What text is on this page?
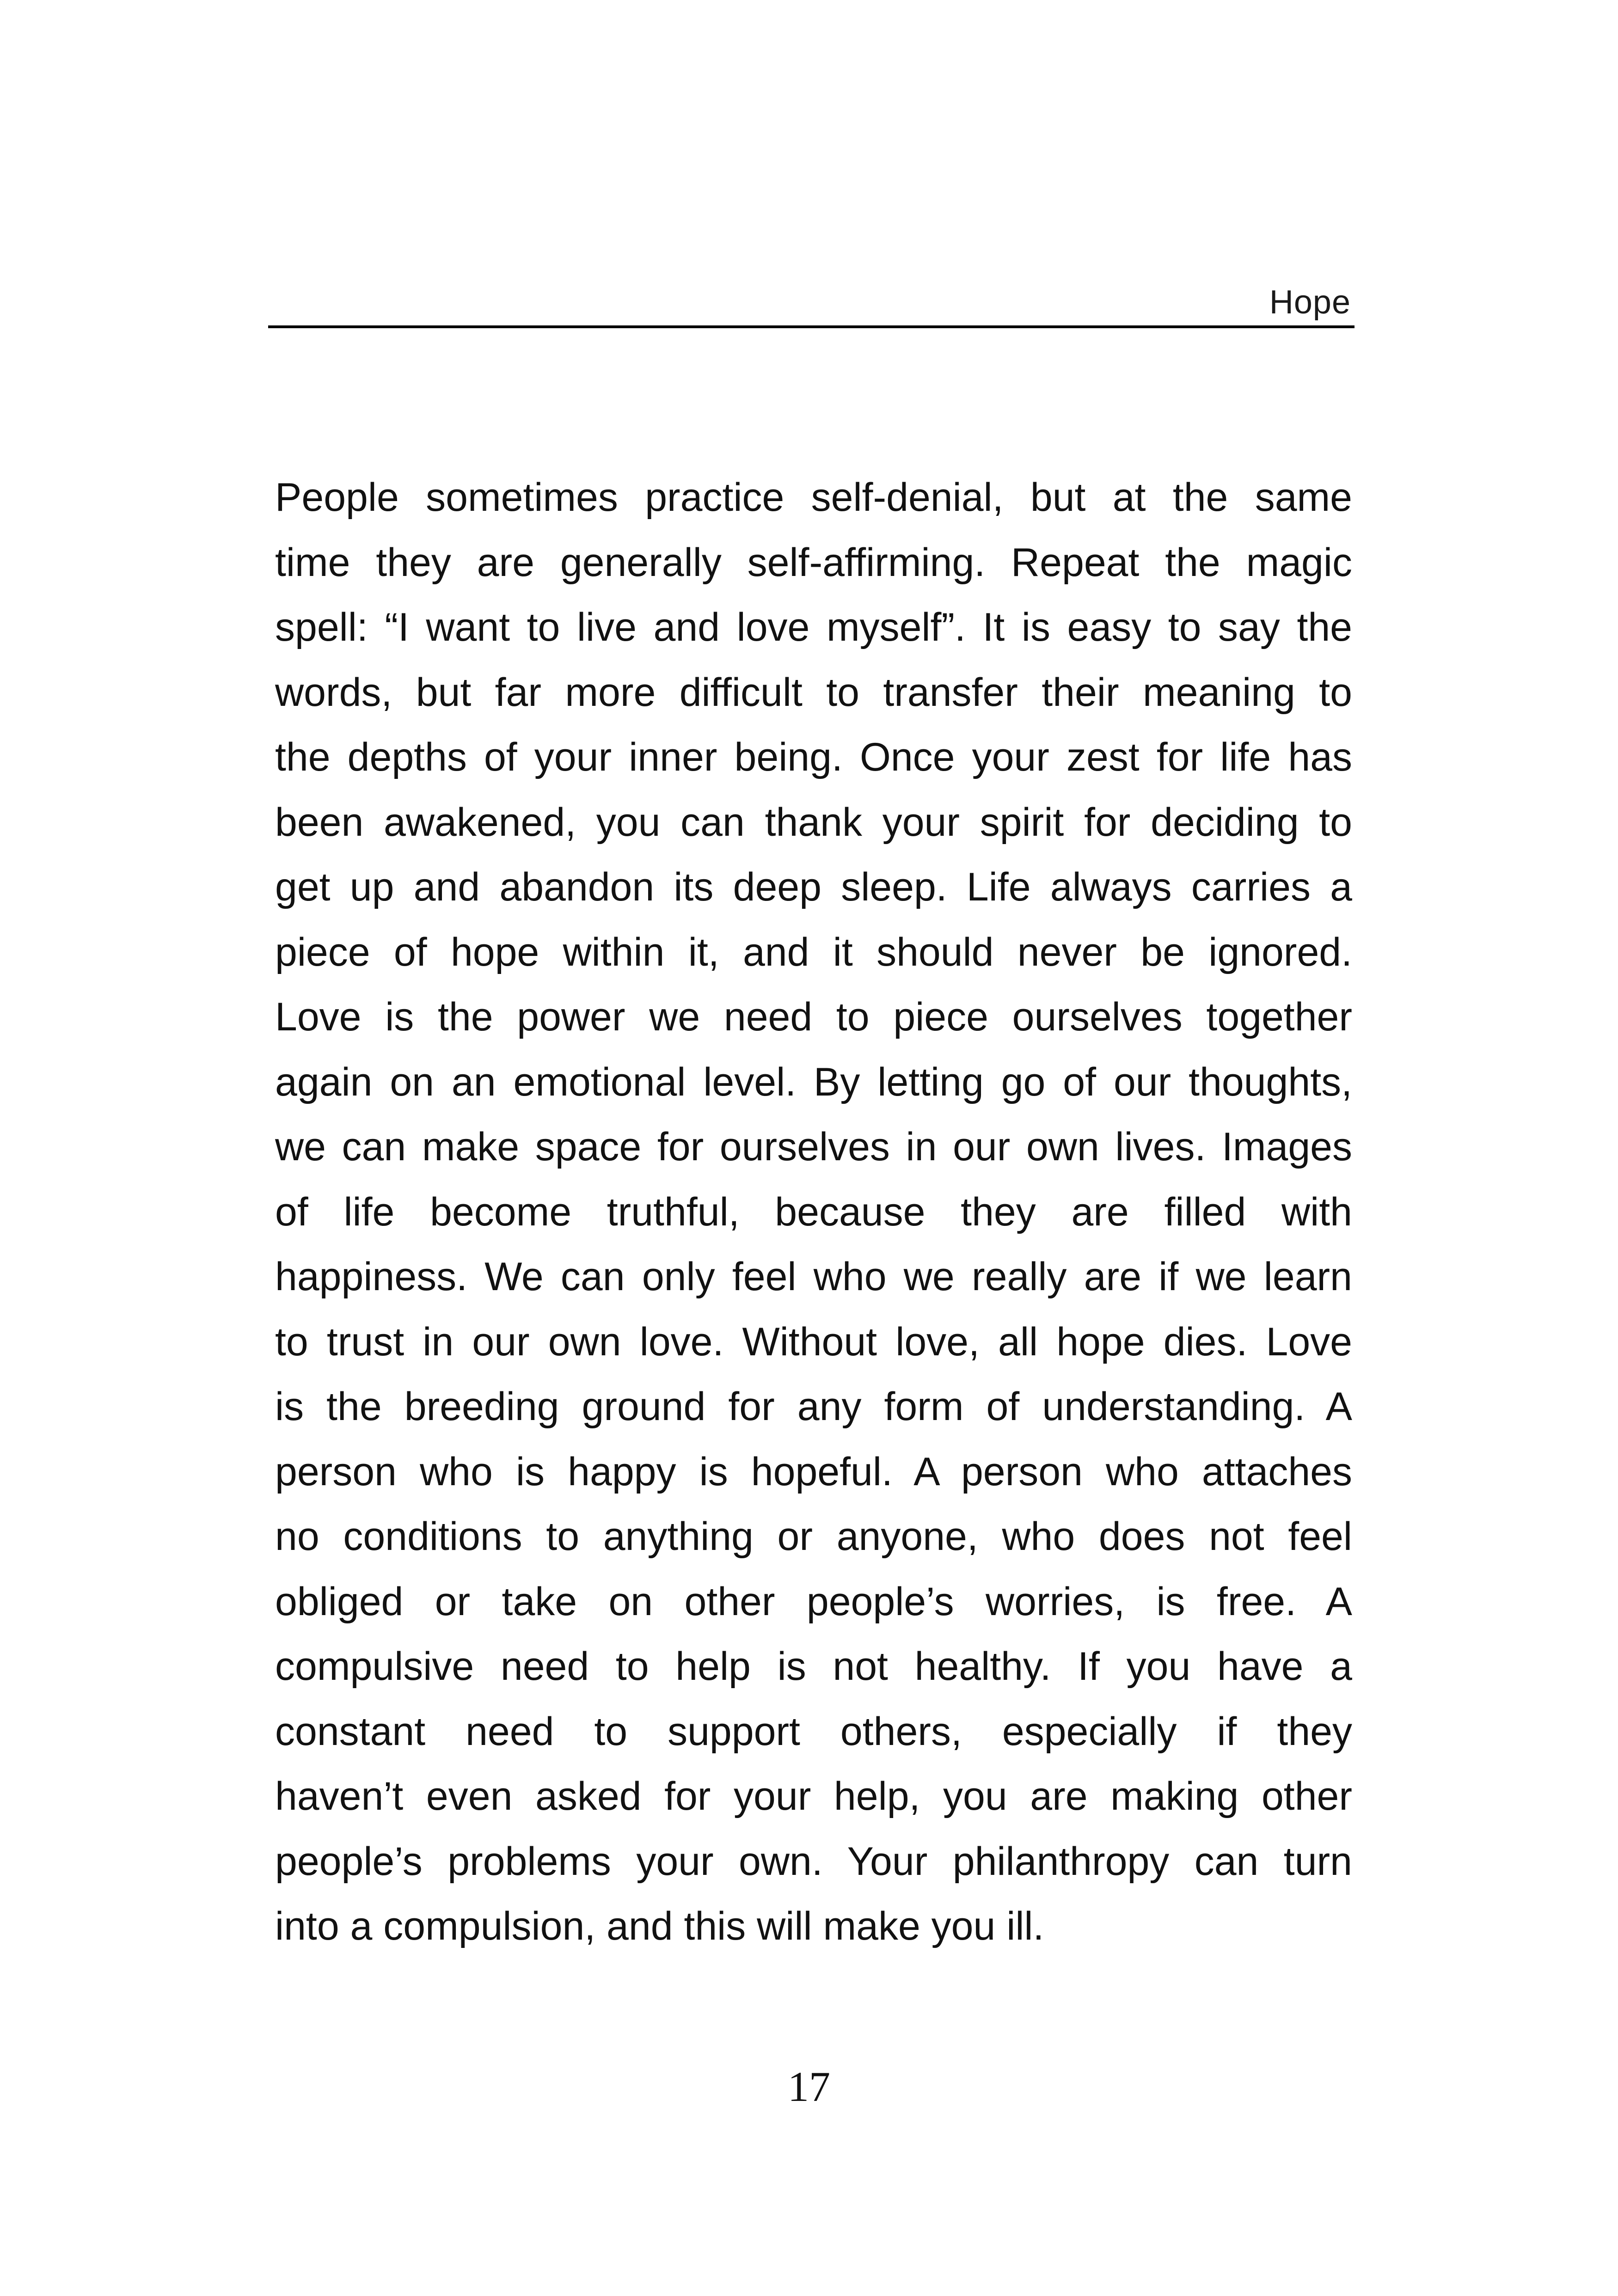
Hope
People sometimes practice self-denial, but at the same
time they are generally self-affirming. Repeat the magic
spell: “I want to live and love myself”. It is easy to say the
words, but far more difficult to transfer their meaning to
the depths of your inner being. Once your zest for life has
been awakened, you can thank your spirit for deciding to
get up and abandon its deep sleep. Life always carries a
piece of hope within it, and it should never be ignored.
Love is the power we need to piece ourselves together
again on an emotional level. By letting go of our thoughts,
we can make space for ourselves in our own lives. Images
of life become truthful, because they are filled with
happiness. We can only feel who we really are if we learn
to trust in our own love. Without love, all hope dies. Love
is the breeding ground for any form of understanding. A
person who is happy is hopeful. A person who attaches
no conditions to anything or anyone, who does not feel
obliged or take on other people’s worries, is free. A
compulsive need to help is not healthy. If you have a
constant need to support others, especially if they
haven’t even asked for your help, you are making other
people’s problems your own. Your philanthropy can turn
into a compulsion, and this will make you ill.
17
